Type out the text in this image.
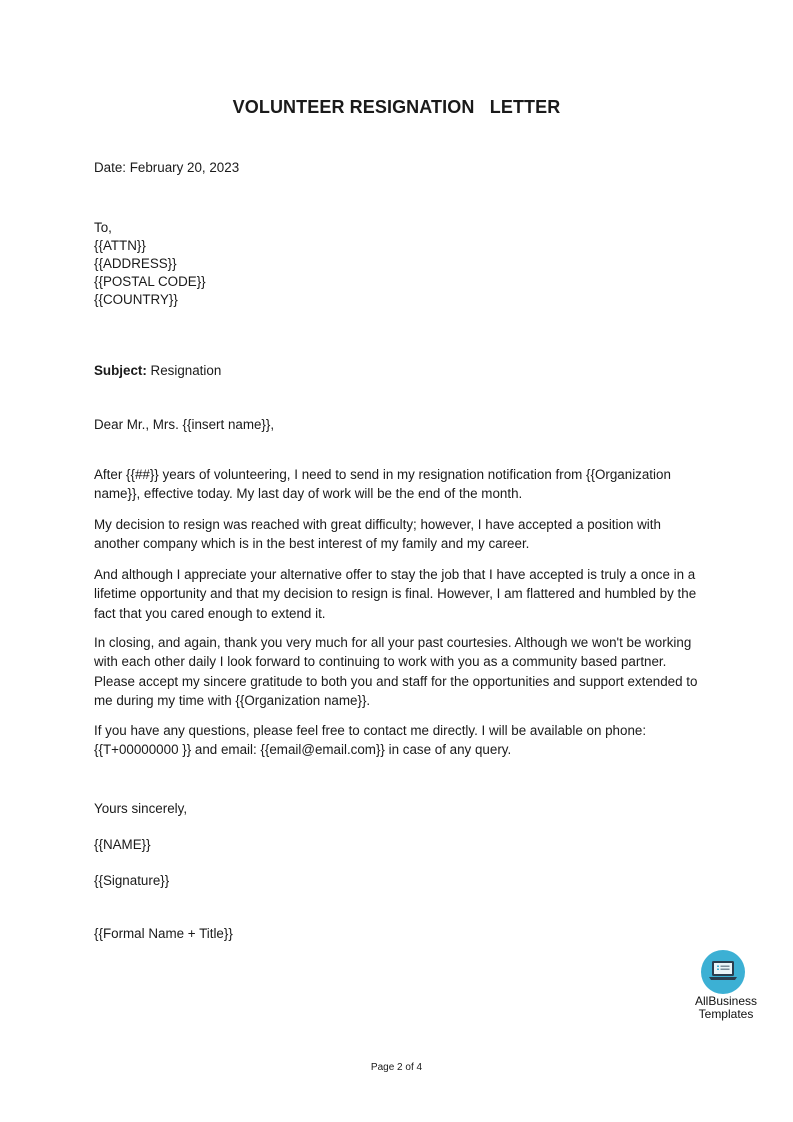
VOLUNTEER RESIGNATION   LETTER
Date: February 20, 2023
To,
{{ATTN}}
{{ADDRESS}}
{{POSTAL CODE}}
{{COUNTRY}}
Subject: Resignation
Dear Mr., Mrs. {{insert name}},
After {{##}} years of volunteering, I need to send in my resignation notification from {{Organization name}}, effective today. My last day of work will be the end of the month.
My decision to resign was reached with great difficulty; however, I have accepted a position with another company which is in the best interest of my family and my career.
And although I appreciate your alternative offer to stay the job that I have accepted is truly a once in a lifetime opportunity and that my decision to resign is final. However, I am flattered and humbled by the fact that you cared enough to extend it.
In closing, and again, thank you very much for all your past courtesies. Although we won't be working with each other daily I look forward to continuing to work with you as a community based partner. Please accept my sincere gratitude to both you and staff for the opportunities and support extended to me during my time with {{Organization name}}.
If you have any questions, please feel free to contact me directly. I will be available on phone: {{T+00000000 }} and email: {{email@email.com}} in case of any query.
Yours sincerely,
{{NAME}}
{{Signature}}
{{Formal Name + Title}}
AllBusiness
Templates
Page 2 of 4
